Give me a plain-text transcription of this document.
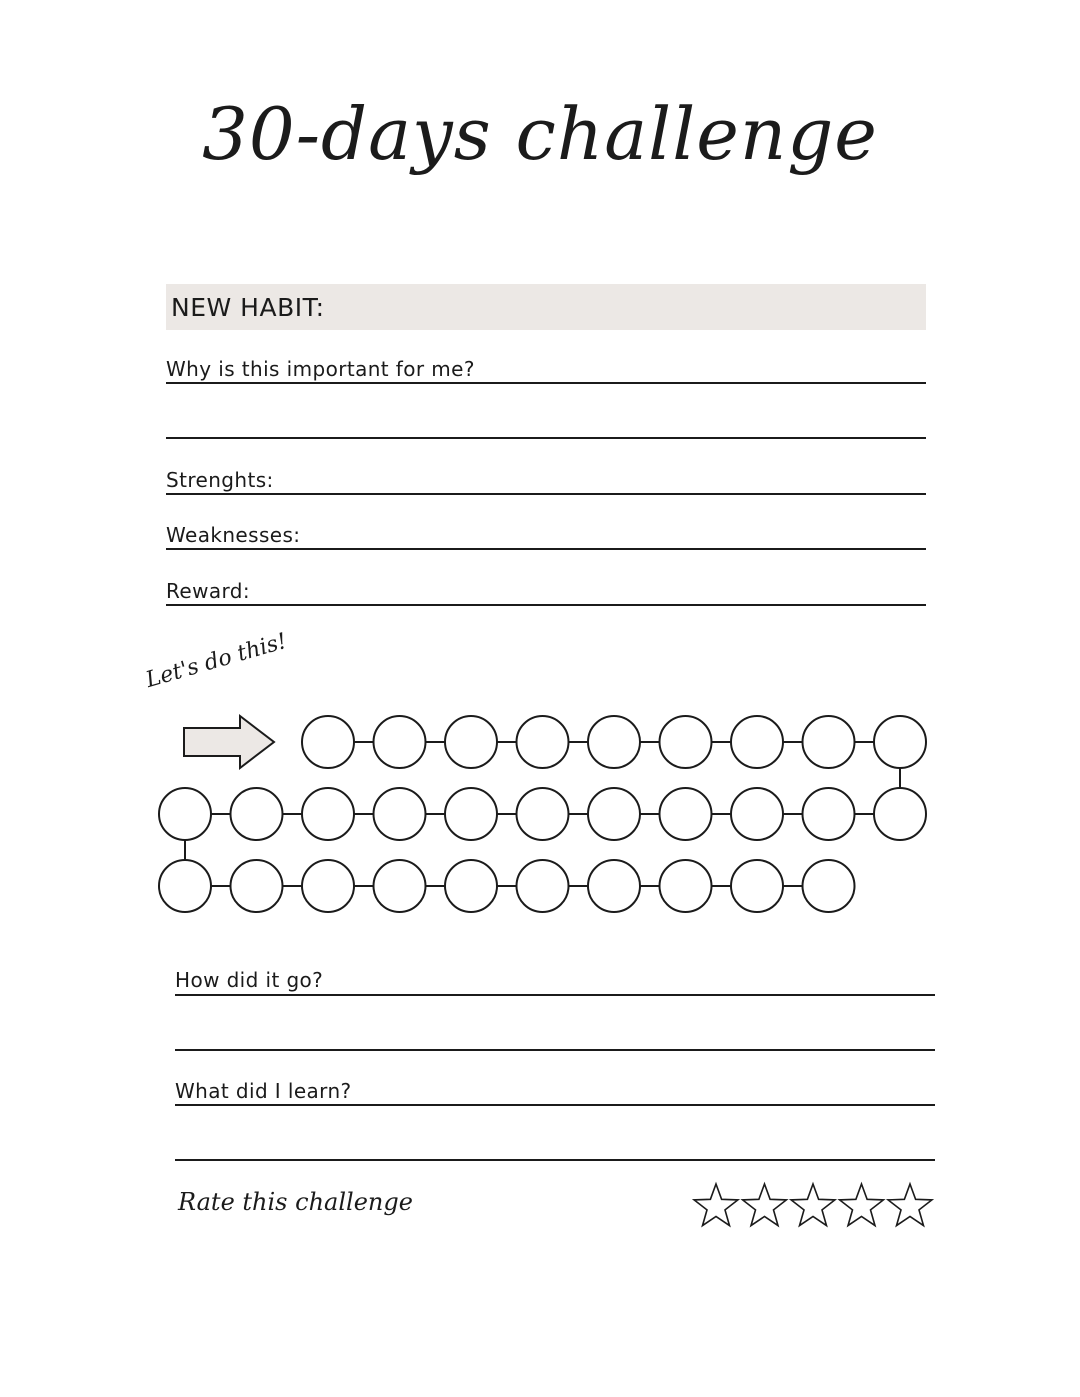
30-days challenge
NEW HABIT:
Why is this important for me?
Strenghts:
Weaknesses:
Reward:
Let's do this!
How did it go?
What did I learn?
Rate this challenge
